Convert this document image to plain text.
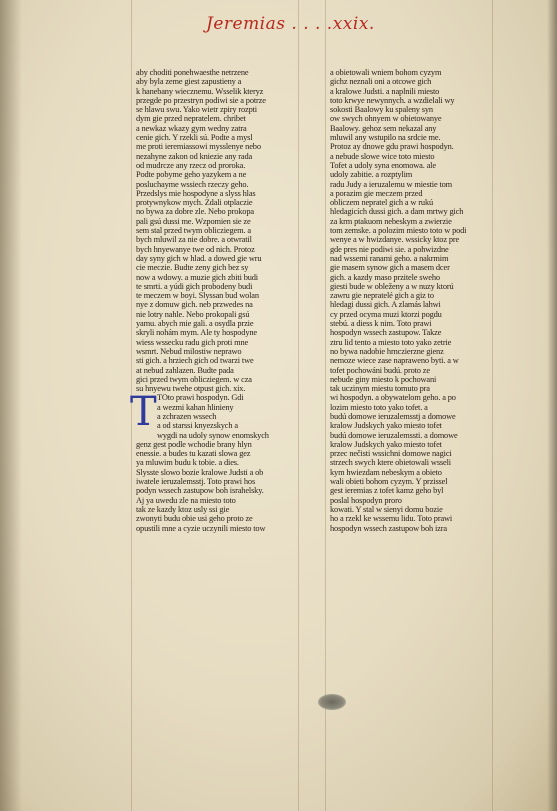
Jeremias . . . .xxix.
aby choditi ponehwaesthe netrzene
aby byla zeme giest zapustieny a
k hanebany wiecznemu. Wsselik kteryz
przegde po przestryn podiwi sie a potrze
se hlawu swu. Yako wietr zpiry rozpti
dym gie przed nepratelem. chribet
a newkaz wkazy gym wedny zatra
cenie gich. Y rzekli sú. Podte a mysl
me proti ieremiassowi mysslenye nebo
nezahyne zakon od kniezie any rada
od mudrcze any rzecz od proroka.
Podte pobyme geho yazykem a ne
posluchayme wssiech rzeczy geho.
Przedslys mie hospodyne a slyss hlas
protywnykow mych. Zdali otplaczie
no bywa za dobre zle. Nebo prokopa
pali gsú dussi me. Wzpomien sie ze
sem stal przed twym oblicziegem. a
bych mluwil za nie dobre. a otwratil
bych hnyewanye twe od nich. Protoz
day syny gich w hlad. a dowed gie wru
cie meczie. Budte zeny gich bez sy
now a wdowy. a muzie gich zbiti budi
te smrti. a yúdi gich probodeny budi
te meczem w boyi. Slyssan bud wolan
nye z domuw gich. neb przwedes na
nie lotry nahle. Nebo prokopali gsú
yamu. abych mie gali. a osydla przie
skryli nohám mym. Ale ty hospodyne
wiess wssecku radu gich proti mne
wsmrt. Nebud milostiw neprawo
sti gich. a hrziech gich od twarzi twe
at nebud zahlazen. Budte pada
gici przed twym oblicziegem. w cza
su hnyewu twehe otpust gich. xix.
T TOto prawi hospodyn. Gdi
a wezmi kahan hlinieny
a zchrazen wssech
a od starssi knyezskych a
wygdi na udoly synow enomskych
genz gest podle wchodie brany hlyn
enessie. a budes tu kazati slowa gez
ya mluwim budu k tobie. a dies.
Slysste slowo bozie kralowe Judsti a ob
iwatele ieruzalemsstj. Toto prawi hos
podyn wssech zastupow boh israhelsky.
Aj ya uwedu zle na miesto toto
tak ze kazdy ktoz usly ssi gie
zwonyti budu obie usi geho proto ze
opustili mne a cyzie uczynili miesto tow
a obietowali wniem bohom cyzym
gichz neznali oni a otcowe gich
a kralowe Judsti. a naplnili miesto
toto krwye newynnych. a wzdielali wy
sokosti Baalowy ku spaleny syn
ow swych ohnyem w obietowanye
Baalowy. gehoz sem nekazal any
mluwil any wstupilo na srdcie me.
Protoz ay dnowe gdu prawi hospodyn.
a nebude slowe wice toto miesto
Tofet a udoly syna enomowa. ale
udoly zabitie. a rozptylim
radu Judy a ieruzalemu w miestie tom
a porazim gie meczem przed
obliczem nepratel gich a w rukú
hledagicích dussi gich. a dam mrtwy gich
za krm ptakuom nebeskym a zwierzie
tom zemske. a polozim miesto toto w podi
wenye a w hwizdanye. wssicky ktoz pre
gde pres nie podiwi sie. a pohwizdne
nad wssemi ranami geho. a nakrmim
gie masem synow gich a masem dcer
gich. a kazdy maso przitele sweho
giesti bude w obleženy a w nuzy ktorú
zawru gie nepratelé gich a giz to
hledagi dussi gich. A zlamás lahwi
cy przed ocyma muzi ktorzi pogdu
stebú. a diess k nim. Toto prawi
hospodyn wssech zastupow. Takze
ztru lid tento a miesto toto yako zetrie
no bywa nadobie hrnczierzne gienz
nemoze wiece zase napraweno byti. a w
tofet pochowáni budú. proto ze
nebude giny miesto k pochowani
tak uczinym miestu tomuto pra
wi hospodyn. a obywatelom geho. a po
lozim miesto toto yako tofet. a
budú domowe ieruzalemsstj a domowe
kralow Judskych yako miesto tofet
budú domowe ieruzalemssti. a domowe
kralow Judskych yako miesto tofet
przec nečisti wssichni domowe nagici
strzech swych ktere obietowali wsseli
kym hwiezdam nebeskym a obieto
wali obieti bohom cyzym. Y przissel
gest ieremias z tofet kamz geho byl
poslal hospodyn proro
kowati. Y stal w sienyi domu bozie
ho a rzekl ke wssemu lidu. Toto prawi
hospodyn wssech zastupow boh izra
